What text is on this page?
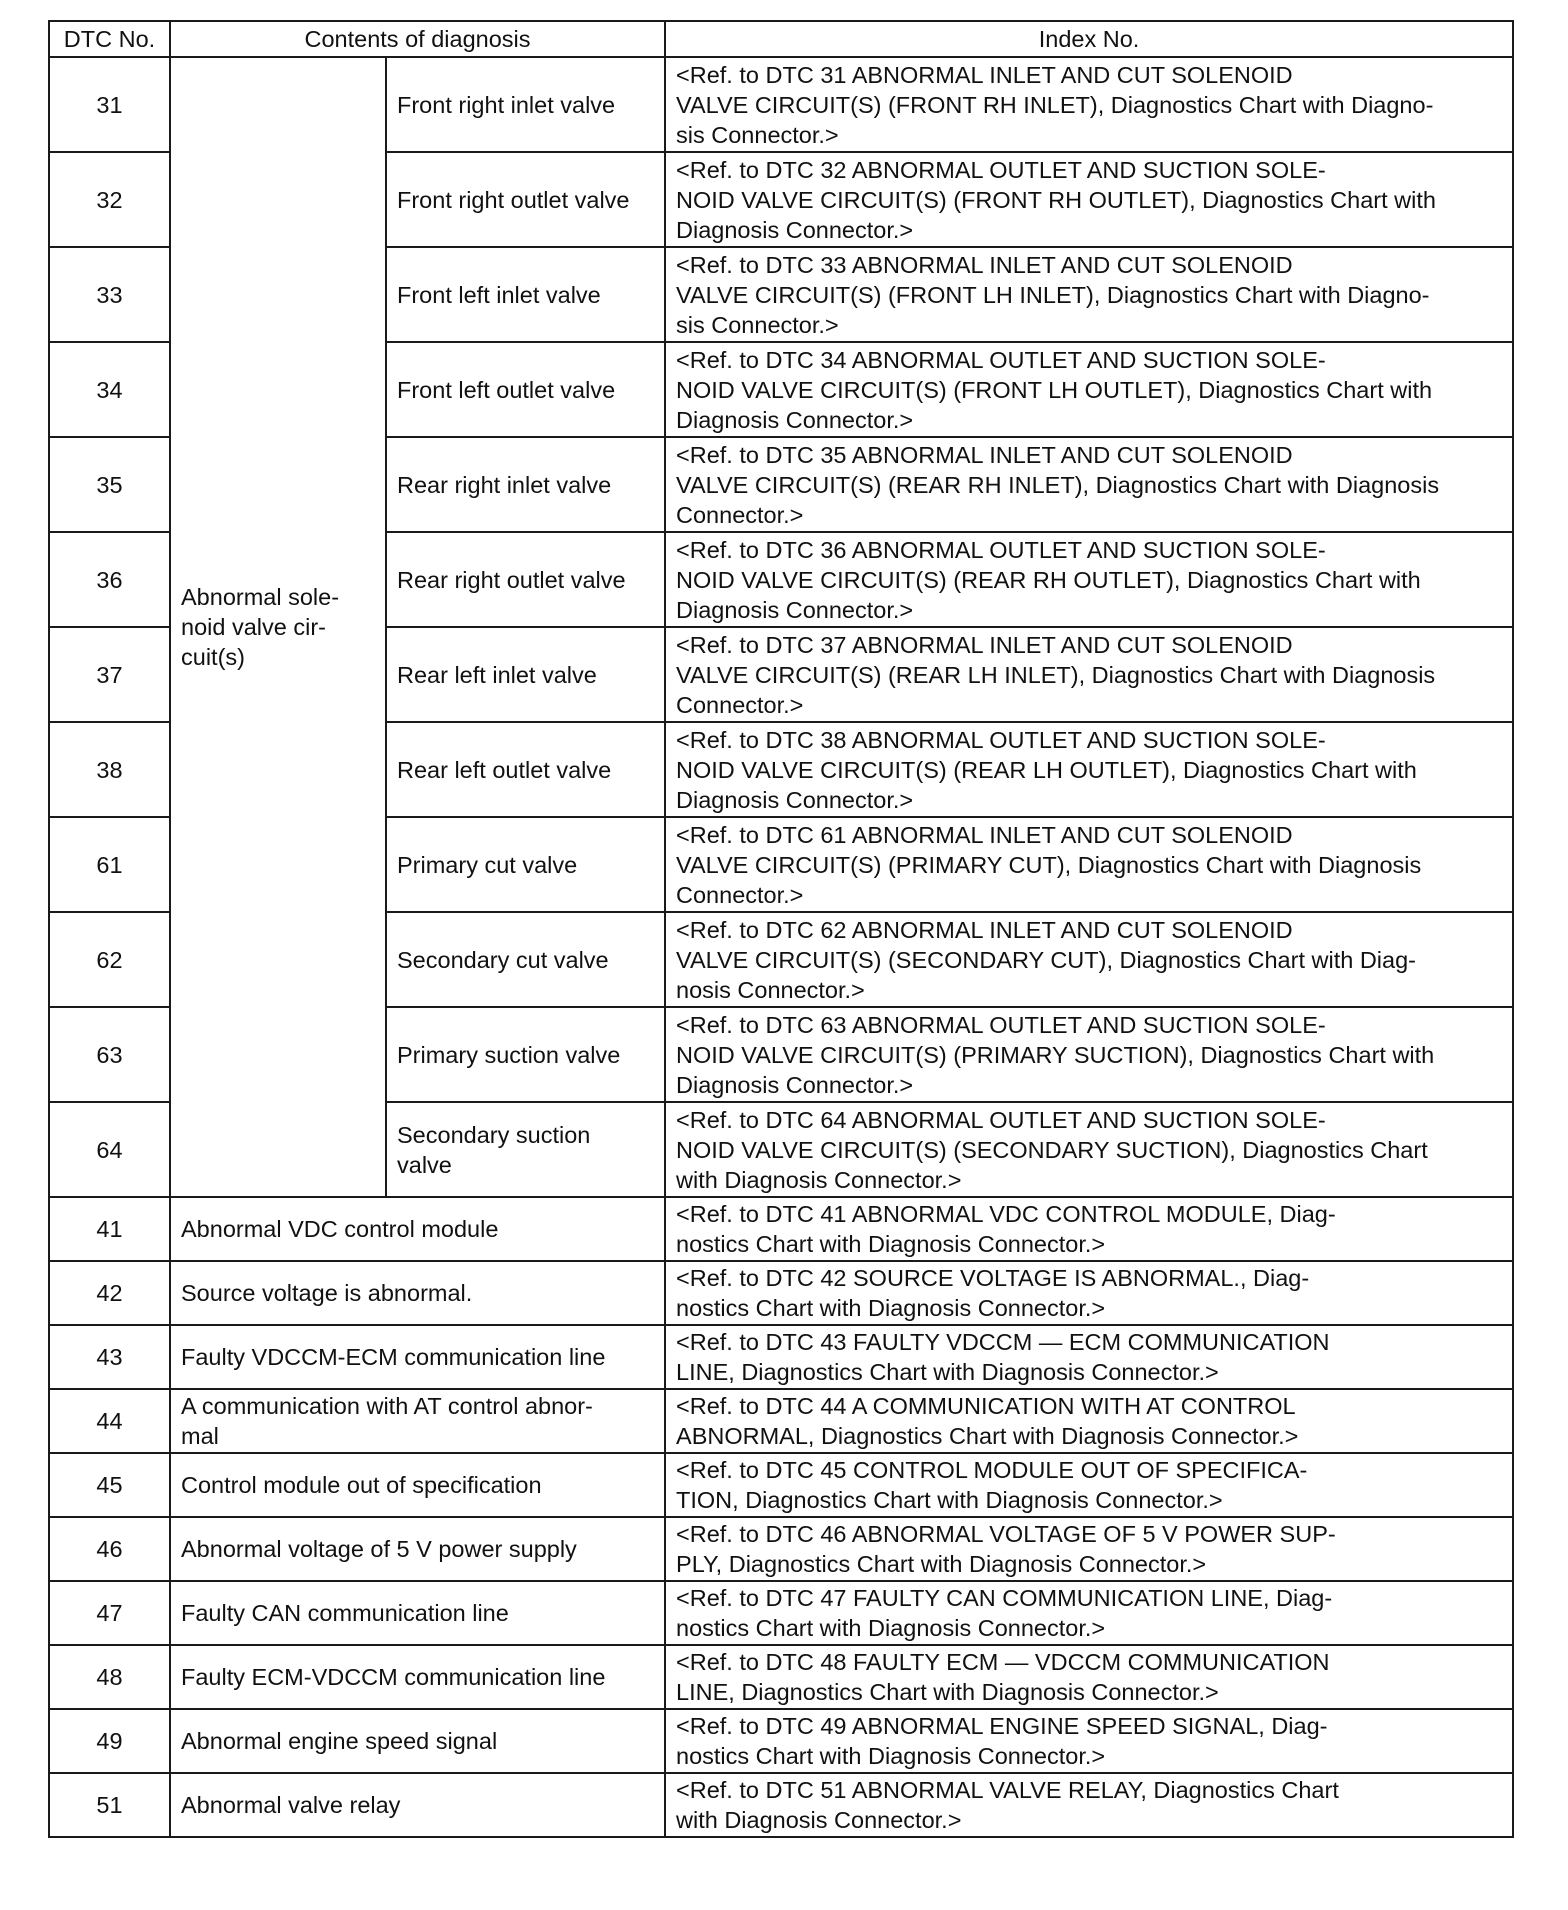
DTC No.	Contents of diagnosis		Index No.
31	Abnormal sole-
noid valve cir-
cuit(s)	Front right inlet valve	<Ref. to DTC 31 ABNORMAL INLET AND CUT SOLENOID
VALVE CIRCUIT(S) (FRONT RH INLET), Diagnostics Chart with Diagno-
sis Connector.>
32		Front right outlet valve	<Ref. to DTC 32 ABNORMAL OUTLET AND SUCTION SOLE-
NOID VALVE CIRCUIT(S) (FRONT RH OUTLET), Diagnostics Chart with
Diagnosis Connector.>
33		Front left inlet valve	<Ref. to DTC 33 ABNORMAL INLET AND CUT SOLENOID
VALVE CIRCUIT(S) (FRONT LH INLET), Diagnostics Chart with Diagno-
sis Connector.>
34		Front left outlet valve	<Ref. to DTC 34 ABNORMAL OUTLET AND SUCTION SOLE-
NOID VALVE CIRCUIT(S) (FRONT LH OUTLET), Diagnostics Chart with
Diagnosis Connector.>
35		Rear right inlet valve	<Ref. to DTC 35 ABNORMAL INLET AND CUT SOLENOID
VALVE CIRCUIT(S) (REAR RH INLET), Diagnostics Chart with Diagnosis
Connector.>
36		Rear right outlet valve	<Ref. to DTC 36 ABNORMAL OUTLET AND SUCTION SOLE-
NOID VALVE CIRCUIT(S) (REAR RH OUTLET), Diagnostics Chart with
Diagnosis Connector.>
37		Rear left inlet valve	<Ref. to DTC 37 ABNORMAL INLET AND CUT SOLENOID
VALVE CIRCUIT(S) (REAR LH INLET), Diagnostics Chart with Diagnosis
Connector.>
38		Rear left outlet valve	<Ref. to DTC 38 ABNORMAL OUTLET AND SUCTION SOLE-
NOID VALVE CIRCUIT(S) (REAR LH OUTLET), Diagnostics Chart with
Diagnosis Connector.>
61		Primary cut valve	<Ref. to DTC 61 ABNORMAL INLET AND CUT SOLENOID
VALVE CIRCUIT(S) (PRIMARY CUT), Diagnostics Chart with Diagnosis
Connector.>
62		Secondary cut valve	<Ref. to DTC 62 ABNORMAL INLET AND CUT SOLENOID
VALVE CIRCUIT(S) (SECONDARY CUT), Diagnostics Chart with Diag-
nosis Connector.>
63		Primary suction valve	<Ref. to DTC 63 ABNORMAL OUTLET AND SUCTION SOLE-
NOID VALVE CIRCUIT(S) (PRIMARY SUCTION), Diagnostics Chart with
Diagnosis Connector.>
64		Secondary suction
valve	<Ref. to DTC 64 ABNORMAL OUTLET AND SUCTION SOLE-
NOID VALVE CIRCUIT(S) (SECONDARY SUCTION), Diagnostics Chart
with Diagnosis Connector.>
41	Abnormal VDC control module		<Ref. to DTC 41 ABNORMAL VDC CONTROL MODULE, Diag-
nostics Chart with Diagnosis Connector.>
42	Source voltage is abnormal.		<Ref. to DTC 42 SOURCE VOLTAGE IS ABNORMAL., Diag-
nostics Chart with Diagnosis Connector.>
43	Faulty VDCCM-ECM communication line		<Ref. to DTC 43 FAULTY VDCCM — ECM COMMUNICATION
LINE, Diagnostics Chart with Diagnosis Connector.>
44	A communication with AT control abnor-
mal		<Ref. to DTC 44 A COMMUNICATION WITH AT CONTROL
ABNORMAL, Diagnostics Chart with Diagnosis Connector.>
45	Control module out of specification		<Ref. to DTC 45 CONTROL MODULE OUT OF SPECIFICA-
TION, Diagnostics Chart with Diagnosis Connector.>
46	Abnormal voltage of 5 V power supply		<Ref. to DTC 46 ABNORMAL VOLTAGE OF 5 V POWER SUP-
PLY, Diagnostics Chart with Diagnosis Connector.>
47	Faulty CAN communication line		<Ref. to DTC 47 FAULTY CAN COMMUNICATION LINE, Diag-
nostics Chart with Diagnosis Connector.>
48	Faulty ECM-VDCCM communication line		<Ref. to DTC 48 FAULTY ECM — VDCCM COMMUNICATION
LINE, Diagnostics Chart with Diagnosis Connector.>
49	Abnormal engine speed signal		<Ref. to DTC 49 ABNORMAL ENGINE SPEED SIGNAL, Diag-
nostics Chart with Diagnosis Connector.>
51	Abnormal valve relay		<Ref. to DTC 51 ABNORMAL VALVE RELAY, Diagnostics Chart
with Diagnosis Connector.>
